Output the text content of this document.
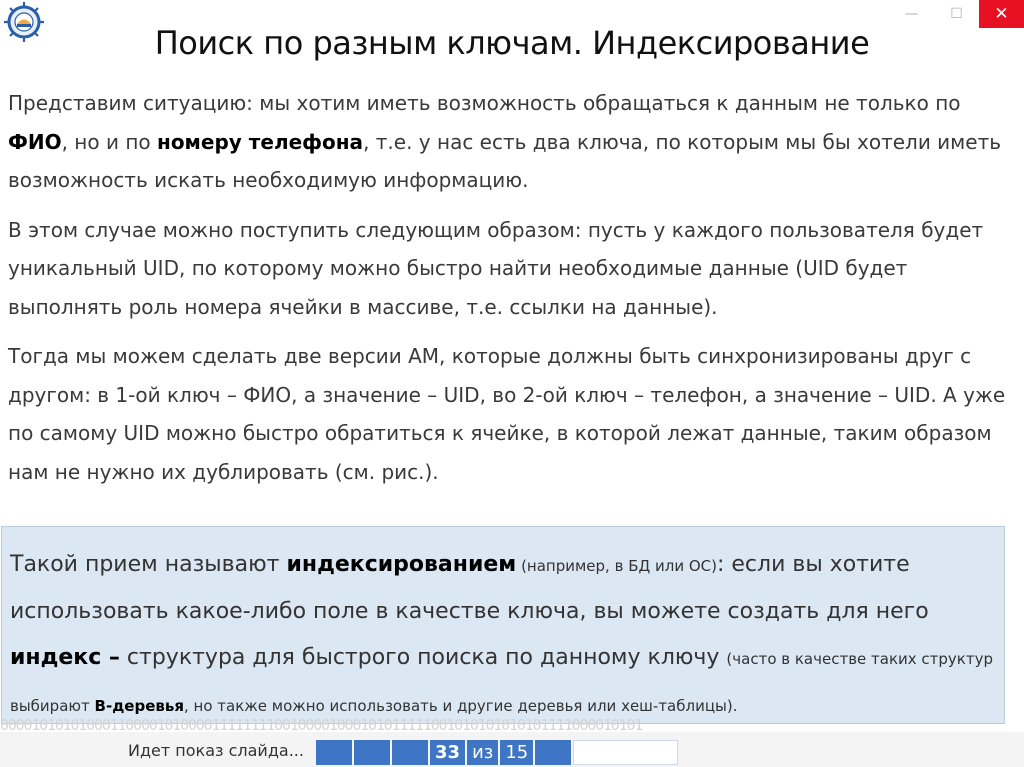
—	☐	✕
Поиск по разным ключам. Индексирование

Представим ситуацию: мы хотим иметь возможность обращаться к данным не только по ФИО, но и по номеру телефона, т.е. у нас есть два ключа, по которым мы бы хотели иметь возможность искать необходимую информацию.

В этом случае можно поступить следующим образом: пусть у каждого пользователя будет уникальный UID, по которому можно быстро найти необходимые данные (UID будет выполнять роль номера ячейки в массиве, т.е. ссылки на данные).

Тогда мы можем сделать две версии АМ, которые должны быть синхронизированы друг с другом: в 1-ой ключ – ФИО, а значение – UID, во 2-ой ключ – телефон, а значение – UID. А уже по самому UID можно быстро обратиться к ячейке, в которой лежат данные, таким образом нам не нужно их дублировать (см. рис.).

Такой прием называют индексированием (например, в БД или ОС): если вы хотите использовать какое-либо поле в качестве ключа, вы можете создать для него индекс – структура для быстрого поиска по данному ключу (часто в качестве таких структур выбирают B-деревья, но также можно использовать и другие деревья или хеш-таблицы).
0000101010100011000010100001111111100100001000101011111001010101010101111000010101
Идет показ слайда...	33 из 15
